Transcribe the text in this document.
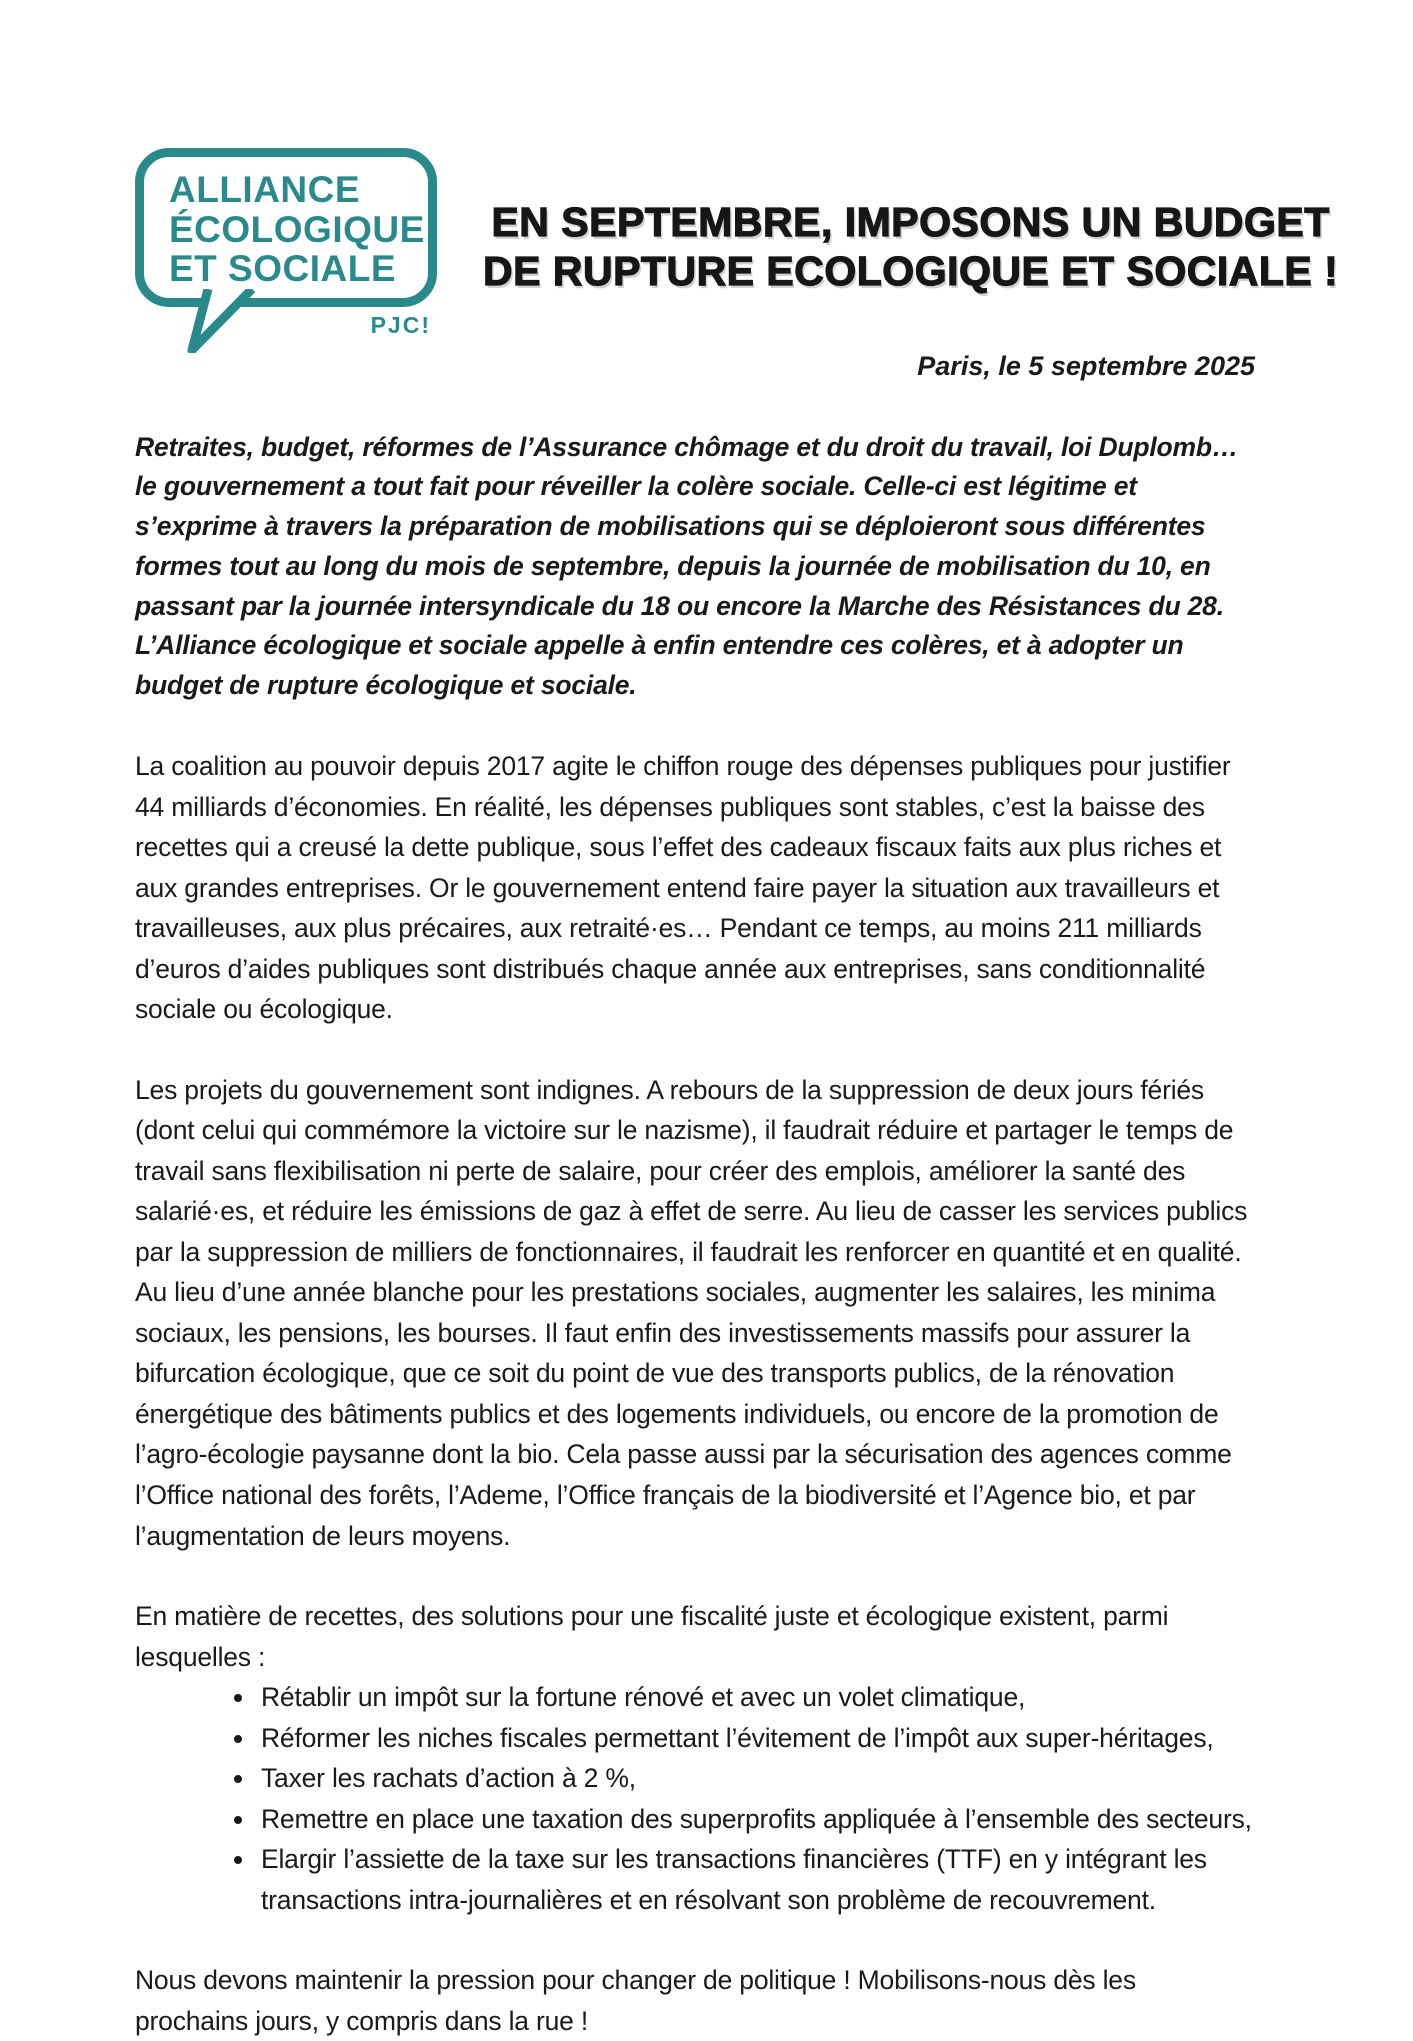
ALLIANCE
ÉCOLOGIQUE
ET SOCIALE
PJC!
EN SEPTEMBRE, IMPOSONS UN BUDGET
DE RUPTURE ECOLOGIQUE ET SOCIALE !
Paris, le 5 septembre 2025
Retraites, budget, réformes de l’Assurance chômage et du droit du travail, loi Duplomb… le gouvernement a tout fait pour réveiller la colère sociale. Celle-ci est légitime et s’exprime à travers la préparation de mobilisations qui se déploieront sous différentes formes tout au long du mois de septembre, depuis la journée de mobilisation du 10, en passant par la journée intersyndicale du 18 ou encore la Marche des Résistances du 28. L’Alliance écologique et sociale appelle à enfin entendre ces colères, et à adopter un budget de rupture écologique et sociale.
La coalition au pouvoir depuis 2017 agite le chiffon rouge des dépenses publiques pour justifier 44 milliards d’économies. En réalité, les dépenses publiques sont stables, c’est la baisse des recettes qui a creusé la dette publique, sous l’effet des cadeaux fiscaux faits aux plus riches et aux grandes entreprises. Or le gouvernement entend faire payer la situation aux travailleurs et travailleuses, aux plus précaires, aux retraité·es… Pendant ce temps, au moins 211 milliards d’euros d’aides publiques sont distribués chaque année aux entreprises, sans conditionnalité sociale ou écologique.
Les projets du gouvernement sont indignes. A rebours de la suppression de deux jours fériés (dont celui qui commémore la victoire sur le nazisme), il faudrait réduire et partager le temps de travail sans flexibilisation ni perte de salaire, pour créer des emplois, améliorer la santé des salarié·es, et réduire les émissions de gaz à effet de serre. Au lieu de casser les services publics par la suppression de milliers de fonctionnaires, il faudrait les renforcer en quantité et en qualité. Au lieu d’une année blanche pour les prestations sociales, augmenter les salaires, les minima sociaux, les pensions, les bourses. Il faut enfin des investissements massifs pour assurer la bifurcation écologique, que ce soit du point de vue des transports publics, de la rénovation énergétique des bâtiments publics et des logements individuels, ou encore de la promotion de l’agro-écologie paysanne dont la bio. Cela passe aussi par la sécurisation des agences comme l’Office national des forêts, l’Ademe, l’Office français de la biodiversité et l’Agence bio, et par l’augmentation de leurs moyens.
En matière de recettes, des solutions pour une fiscalité juste et écologique existent, parmi lesquelles :
• Rétablir un impôt sur la fortune rénové et avec un volet climatique,
• Réformer les niches fiscales permettant l’évitement de l’impôt aux super-héritages,
• Taxer les rachats d’action à 2 %,
• Remettre en place une taxation des superprofits appliquée à l’ensemble des secteurs,
• Elargir l’assiette de la taxe sur les transactions financières (TTF) en y intégrant les transactions intra-journalières et en résolvant son problème de recouvrement.
Nous devons maintenir la pression pour changer de politique ! Mobilisons-nous dès les prochains jours, y compris dans la rue !
